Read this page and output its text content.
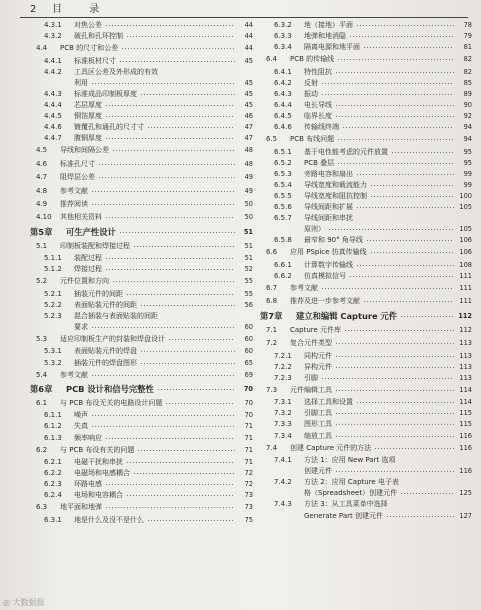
2 目 录
4.3.1 对焦公差	44
4.3.2 破孔和孔环控制	44
4.4 PCB 的尺寸和公差	44
4.4.1 标准板材尺寸	45
4.4.2 工具区公差及外形成的有效
利用	45
4.4.3 标准成品印制板厚度	45
4.4.4 芯层厚度	45
4.4.5 铜箔厚度	46
4.4.6 镀覆孔和通孔的尺寸寸	47
4.4.7 腹铜厚度	47
4.5 导线和间隔公差	48
4.6 标准孔尺寸	48
4.7 阻焊层公差	49
4.8 参考文献	49
4.9 推荐阅读	50
4.10 其他相关资料	50
第5章 可生产性设计	51
5.1 印制板装配和焊接过程	51
5.1.1 装配过程	51
5.1.2 焊接过程	52
5.2 元件位置和方向	55
5.2.1 插装元件的间距	55
5.2.2 表面贴装元件的间距	56
5.2.3 混合插装与表面贴装的间距
要求	60
5.3 适应印制板生产的封装和焊盘设计	60
5.3.1 表面贴装元件的焊盘	60
5.3.2 插装元件的焊盘图形	65
5.4 参考文献	69
第6章 PCB 设计和信号完整性	70
6.1 与 PCB 布设无关的电路设计问题	70
6.1.1 噪声	70
6.1.2 失真	71
6.1.3 频率响应	71
6.2 与 PCB 布设有关的问题	71
6.2.1 电磁干扰和串扰	71
6.2.2 电磁场和电感耦合	72
6.2.3 环路电感	72
6.2.4 电场和电容耦合	73
6.3 地平面和地弹	73
6.3.1 地是什么及没不是什么	75
6.3.2 地（接地）平面	78
6.3.3 地弹和地消隐	79
6.3.4 隔离电源和地平面	81
6.4 PCB 的传输线	82
6.4.1 特性阻抗	82
6.4.2 反射	85
6.4.3 振动	89
6.4.4 电长导线	90
6.4.5 临界长度	92
6.4.6 传输线终端	94
6.5 PCB 布线问题	94
6.5.1 基于电性能考虑的元件放置	95
6.5.2 PCB 叠层	95
6.5.3 旁路电容和扇出	99
6.5.4 导线宽度和载流能力	99
6.5.5 导线宽度和阻抗控制	100
6.5.6 导线间距和扩展	105
6.5.7 导线间距和串扰
原则）	105
6.5.8 最窄和 90° 角导线	106
6.6 应用 PSpice 仿真传输线	106
6.6.1 计算数字传输线	108
6.6.2 仿真模拟信号	111
6.7 参考文献	111
6.8 推荐及进一步参考文献	111
第7章 建立和编辑 Capture 元件	112
7.1 Capture 元件库	112
7.2 复合元件类型	113
7.2.1 同构元件	113
7.2.2 异构元件	113
7.2.3 引脚	113
7.3 元件编辑工具	114
7.3.1 选择工具和设置	114
7.3.2 引脚工具	115
7.3.3 图形工具	115
7.3.4 缩放工具	116
7.4 创建 Capture 元件的方法	116
7.4.1 方法 1：应用 New Part 选项
创建元件	116
7.4.2 方法 2：应用 Capture 电子表
格（Spreadsheet）创建元件	125
7.4.3 方法 3：从工具菜单中选择
Generate Part 创建元件	127
◎ 大数据报
